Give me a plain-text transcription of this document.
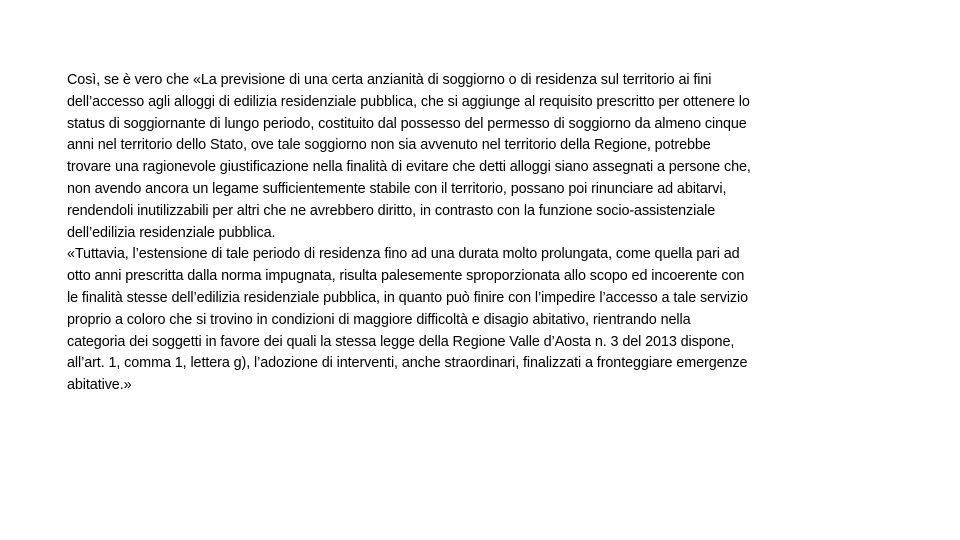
Così, se è vero che «La previsione di una certa anzianità di soggiorno o di residenza sul territorio ai fini
dell’accesso agli alloggi di edilizia residenziale pubblica, che si aggiunge al requisito prescritto per ottenere lo
status di soggiornante di lungo periodo, costituito dal possesso del permesso di soggiorno da almeno cinque
anni nel territorio dello Stato, ove tale soggiorno non sia avvenuto nel territorio della Regione, potrebbe
trovare una ragionevole giustificazione nella finalità di evitare che detti alloggi siano assegnati a persone che,
non avendo ancora un legame sufficientemente stabile con il territorio, possano poi rinunciare ad abitarvi,
rendendoli inutilizzabili per altri che ne avrebbero diritto, in contrasto con la funzione socio-assistenziale
dell’edilizia residenziale pubblica.
«Tuttavia, l’estensione di tale periodo di residenza fino ad una durata molto prolungata, come quella pari ad
otto anni prescritta dalla norma impugnata, risulta palesemente sproporzionata allo scopo ed incoerente con
le finalità stesse dell’edilizia residenziale pubblica, in quanto può finire con l’impedire l’accesso a tale servizio
proprio a coloro che si trovino in condizioni di maggiore difficoltà e disagio abitativo, rientrando nella
categoria dei soggetti in favore dei quali la stessa legge della Regione Valle d’Aosta n. 3 del 2013 dispone,
all’art. 1, comma 1, lettera g), l’adozione di interventi, anche straordinari, finalizzati a fronteggiare emergenze
abitative.»
